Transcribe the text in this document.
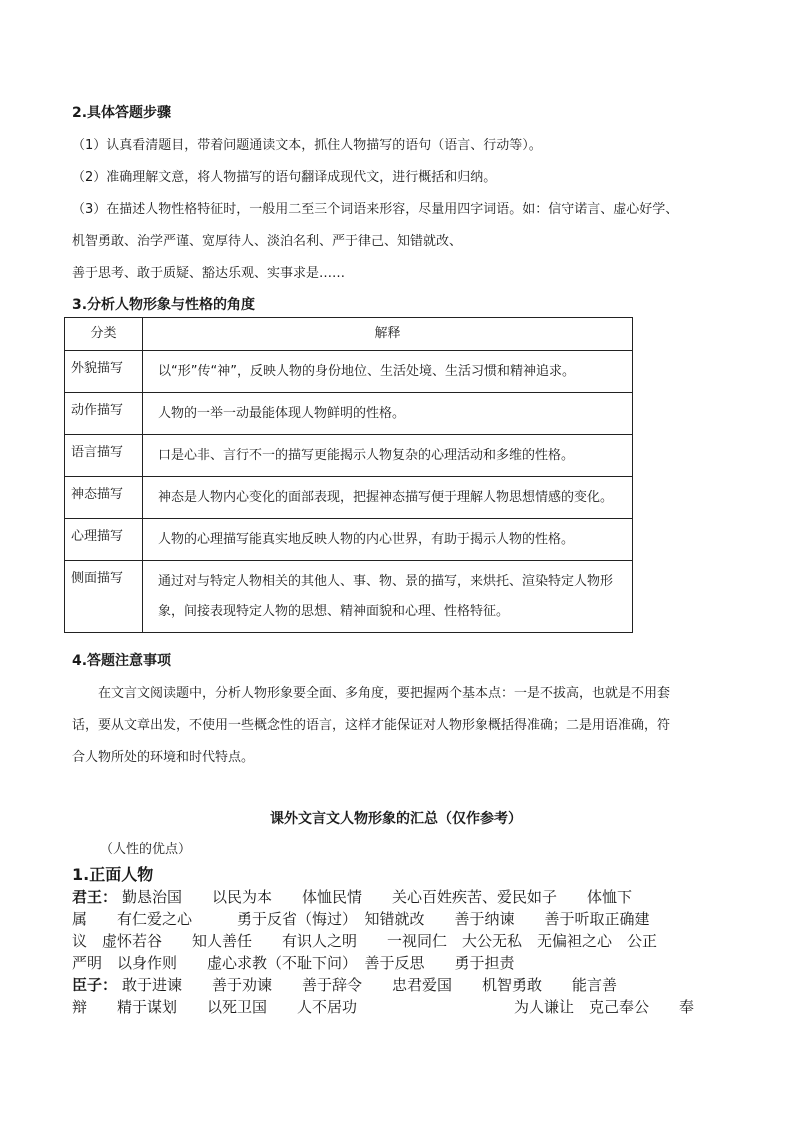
2.具体答题步骤
（1）认真看清题目，带着问题通读文本，抓住人物描写的语句（语言、行动等）。
（2）准确理解文意，将人物描写的语句翻译成现代文，进行概括和归纳。
（3）在描述人物性格特征时，一般用二至三个词语来形容，尽量用四字词语。如：信守诺言、虚心好学、
机智勇敢、治学严谨、宽厚待人、淡泊名利、严于律己、知错就改、
善于思考、敢于质疑、豁达乐观、实事求是……
3.分析人物形象与性格的角度
分类	解释
外貌描写	以“形”传“神”，反映人物的身份地位、生活处境、生活习惯和精神追求。
动作描写	人物的一举一动最能体现人物鲜明的性格。
语言描写	口是心非、言行不一的描写更能揭示人物复杂的心理活动和多维的性格。
神态描写	神态是人物内心变化的面部表现，把握神态描写便于理解人物思想情感的变化。
心理描写	人物的心理描写能真实地反映人物的内心世界，有助于揭示人物的性格。
侧面描写	通过对与特定人物相关的其他人、事、物、景的描写，来烘托、渲染特定人物形象，间接表现特定人物的思想、精神面貌和心理、性格特征。
4.答题注意事项
在文言文阅读题中，分析人物形象要全面、多角度，要把握两个基本点：一是不拔高，也就是不用套
话，要从文章出发，不使用一些概念性的语言，这样才能保证对人物形象概括得准确；二是用语准确，符
合人物所处的环境和时代特点。
课外文言文人物形象的汇总（仅作参考）
（人性的优点）
1.正面人物
君王： 勤恳治国　　以民为本　　体恤民情　　关心百姓疾苦、爱民如子　　体恤下
属　　有仁爱之心　　　勇于反省（悔过）　知错就改　　善于纳谏　　善于听取正确建
议　虚怀若谷　　知人善任　　有识人之明　　一视同仁　大公无私　无偏袒之心　公正
严明　以身作则　　虚心求教（不耻下问）　善于反思　　勇于担责
臣子： 敢于进谏　　善于劝谏　　善于辞令　　忠君爱国　　机智勇敢　　能言善
辩　　精于谋划　　以死卫国　　人不居功	为人谦让　克己奉公　　奉
